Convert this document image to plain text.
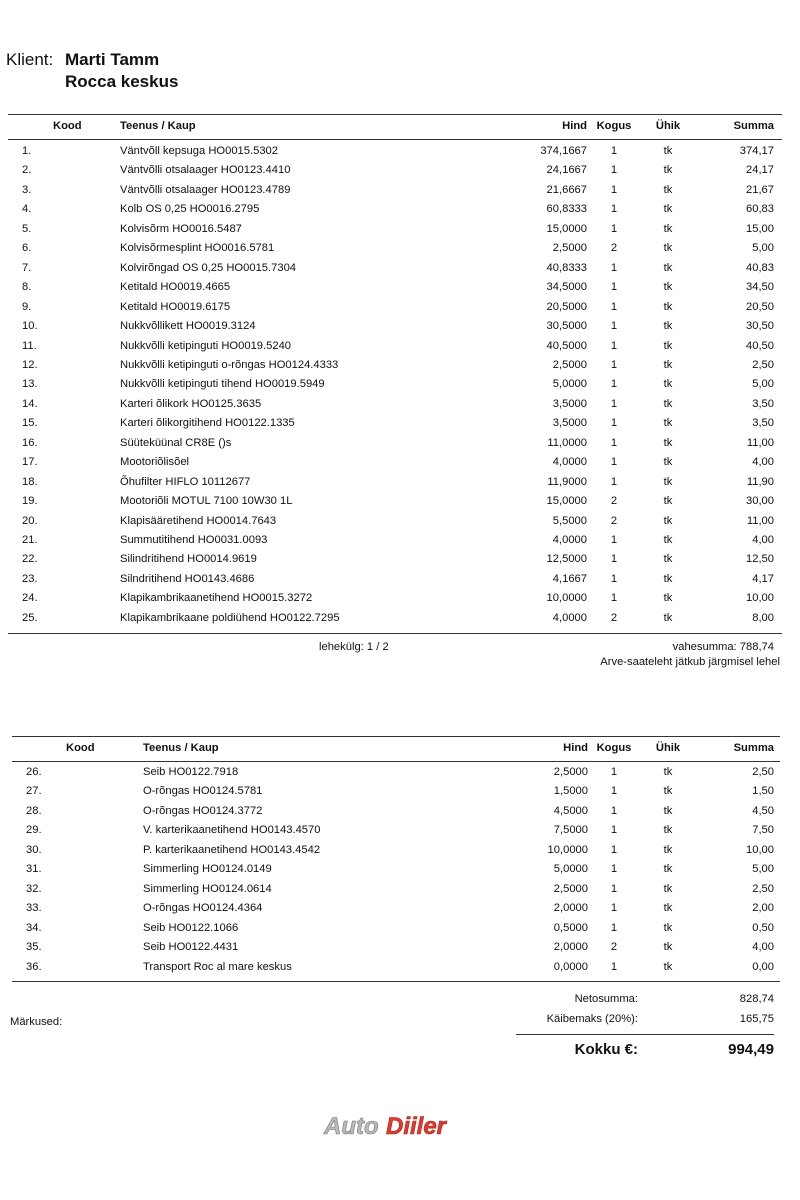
Klient: Marti Tamm
Rocca keskus
Kood	Teenus / Kaup	Hind Kogus	Ühik	Summa
1.	Väntvõll kepsuga HO0015.5302	374,1667	1	tk	374,17
2.	Väntvõlli otsalaager HO0123.4410	24,1667	1	tk	24,17
3.	Väntvõlli otsalaager HO0123.4789	21,6667	1	tk	21,67
4.	Kolb OS 0,25 HO0016.2795	60,8333	1	tk	60,83
5.	Kolvisõrm HO0016.5487	15,0000	1	tk	15,00
6.	Kolvisõrmesplint HO0016.5781	2,5000	2	tk	5,00
7.	Kolvirõngad OS 0,25 HO0015.7304	40,8333	1	tk	40,83
8.	Ketitald HO0019.4665	34,5000	1	tk	34,50
9.	Ketitald HO0019.6175	20,5000	1	tk	20,50
10.	Nukkvõllikett HO0019.3124	30,5000	1	tk	30,50
11.	Nukkvõlli ketipinguti HO0019.5240	40,5000	1	tk	40,50
12.	Nukkvõlli ketipinguti o-rõngas HO0124.4333	2,5000	1	tk	2,50
13.	Nukkvõlli ketipinguti tihend HO0019.5949	5,0000	1	tk	5,00
14.	Karteri õlikork HO0125.3635	3,5000	1	tk	3,50
15.	Karteri õlikorgitihend HO0122.1335	3,5000	1	tk	3,50
16.	Süüteküünal CR8E ()s	11,0000	1	tk	11,00
17.	Mootoriõlisõel	4,0000	1	tk	4,00
18.	Õhufilter HIFLO 10112677	11,9000	1	tk	11,90
19.	Mootoriõli MOTUL 7100 10W30 1L	15,0000	2	tk	30,00
20.	Klapisääretihend HO0014.7643	5,5000	2	tk	11,00
21.	Summutitihend HO0031.0093	4,0000	1	tk	4,00
22.	Silindritihend HO0014.9619	12,5000	1	tk	12,50
23.	Silndritihend HO0143.4686	4,1667	1	tk	4,17
24.	Klapikambrikaanetihend HO0015.3272	10,0000	1	tk	10,00
25.	Klapikambrikaane poldiühend HO0122.7295	4,0000	2	tk	8,00
lehekülg: 1 / 2	vahesumma: 788,74
Arve-saateleht jätkub järgmisel lehel
Kood	Teenus / Kaup	Hind Kogus	Ühik	Summa
26.	Seib HO0122.7918	2,5000	1	tk	2,50
27.	O-rõngas HO0124.5781	1,5000	1	tk	1,50
28.	O-rõngas HO0124.3772	4,5000	1	tk	4,50
29.	V. karterikaanetihend HO0143.4570	7,5000	1	tk	7,50
30.	P. karterikaanetihend HO0143.4542	10,0000	1	tk	10,00
31.	Simmerling HO0124.0149	5,0000	1	tk	5,00
32.	Simmerling HO0124.0614	2,5000	1	tk	2,50
33.	O-rõngas HO0124.4364	2,0000	1	tk	2,00
34.	Seib HO0122.1066	0,5000	1	tk	0,50
35.	Seib HO0122.4431	2,0000	2	tk	4,00
36.	Transport Roc al mare keskus	0,0000	1	tk	0,00
Märkused:
Netosumma:	828,74
Käibemaks (20%):	165,75
Kokku €:	994,49
Auto Diiler
